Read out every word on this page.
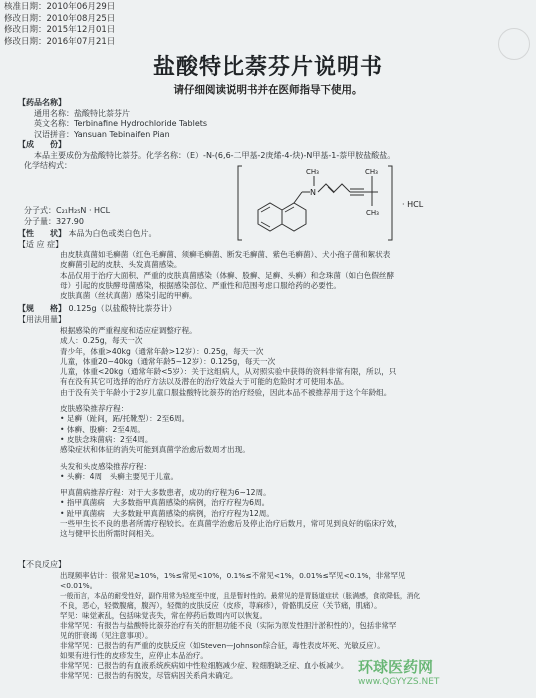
核准日期：2010年06月29日
修改日期：2010年08月25日
修改日期：2015年12月01日
修改日期：2016年07月21日
盐酸特比萘芬片说明书
请仔细阅读说明书并在医师指导下使用。
【药品名称】
通用名称：盐酸特比萘芬片
英文名称：Terbinafine Hydrochloride Tablets
汉语拼音：Yansuan Tebinaifen Pian
【成　　份】
本品主要成份为盐酸特比萘芬。化学名称：（E）-N-(6,6-二甲基-2庚烯-4-炔)-N甲基-1-萘甲胺盐酸盐。
化学结构式：
N
CH₃	CH₃
CH₃
· HCL
分子式：C₂₁H₂₅N · HCL
分子量：327.90
【性　　状】 本品为白色或类白色片。
【适 应 症】
由皮肤真菌如毛癣菌（红色毛癣菌、须癣毛癣菌、断发毛癣菌、紫色毛癣菌）、犬小孢子菌和絮状表
皮癣菌引起的皮肤、头发真菌感染。
本品仅用于治疗大面积、严重的皮肤真菌感染（体癣、股癣、足癣、头癣）和念珠菌（如白色假丝酵
母）引起的皮肤酵母菌感染，根据感染部位、严重性和范围考虑口服给药的必要性。
皮肤真菌（丝状真菌）感染引起的甲癣。
【规　　格】 0.125g（以盐酸特比萘芬计）
【用法用量】
根据感染的严重程度和适应症调整疗程。
成人：0.25g，每天一次
青少年，体重>40kg（通常年龄>12岁）：0.25g，每天一次
儿童，体重20~40kg（通常年龄5~12岁）：0.125g，每天一次
儿童，体重<20kg（通常年龄<5岁）：关于这组病人，从对照实验中获得的资料非常有限，所以，只
有在没有其它可选择的治疗方法以及潜在的治疗效益大于可能的危险时才可使用本品。
由于没有关于年龄小于2岁儿童口服盐酸特比萘芬的治疗经验，因此本品不被推荐用于这个年龄组。
皮肤感染推荐疗程：
• 足癣（趾间，跖/托靴型）：2至6周。
• 体癣、股癣：2至4周。
• 皮肤念珠菌病：2至4周。
感染症状和体征的消失可能到真菌学治愈后数周才出现。
头发和头皮感染推荐疗程：
• 头癣：4周　头癣主要见于儿童。
甲真菌病推荐疗程：对于大多数患者，成功的疗程为6~12周。
• 指甲真菌病　大多数指甲真菌感染的病例，治疗疗程为6周。
• 趾甲真菌病　大多数趾甲真菌感染的病例，治疗疗程为12周。
一些甲生长不良的患者所需疗程较长。在真菌学治愈后及停止治疗后数月，常可见到良好的临床疗效，
这与健甲长出所需时间相关。
【不良反应】
出现频率估计：很常见≥10%，1%≤常见<10%，0.1%≤不常见<1%，0.01%≤罕见<0.1%，非常罕见
<0.01%。
一般而言，本品的耐受性好，副作用常为轻度至中度，且是暂时性的。最常见的是胃肠道症状（胀满感，食欲降低，消化
不良，恶心，轻微腹痛，腹泻），轻微的皮肤反应（皮疹，荨麻疹），骨骼肌反应（关节痛，肌痛）。
罕见：味觉紊乱，包括味觉丧失，常在停药后数周内可以恢复。
非常罕见：有报告与盐酸特比萘芬治疗有关的肝胆功能不良（实际为原发性胆汁淤积性的），包括非常罕
见的肝衰竭（见注意事项）。
非常罕见：已报告的有严重的皮肤反应（如Steven—Johnson综合征，毒性表皮坏死、光敏反应）。
如果有进行性的皮疹发生，应停止本品治疗。
非常罕见：已报告的有血液系统疾病如中性粒细胞减少症、粒细胞缺乏症、血小板减少。
非常罕见：已报告的有脱发，尽管病因关系尚未确定。	环球医药网
www.QGYYZS.NET
